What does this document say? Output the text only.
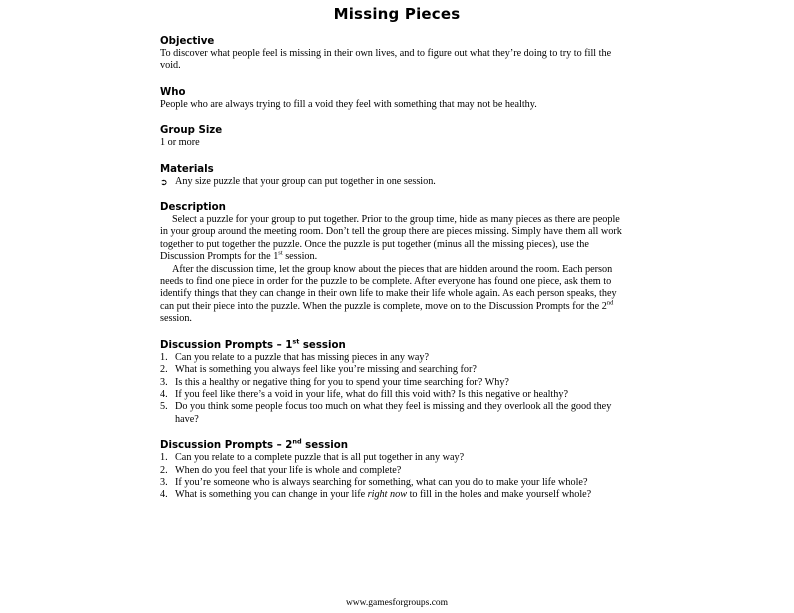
Missing Pieces
Objective

To discover what people feel is missing in their own lives, and to figure out what they’re doing to try to fill the void.

Who

People who are always trying to fill a void they feel with something that may not be healthy.

Group Size

1 or more

Materials
➲ Any size puzzle that your group can put together in one session.
Description

Select a puzzle for your group to put together. Prior to the group time, hide as many pieces as there are people in your group around the meeting room. Don’t tell the group there are pieces missing. Simply have them all work together to put together the puzzle. Once the puzzle is put together (minus all the missing pieces), use the Discussion Prompts for the 1st session.

After the discussion time, let the group know about the pieces that are hidden around the room. Each person needs to find one piece in order for the puzzle to be complete. After everyone has found one piece, ask them to identify things that they can change in their own life to make their life whole again. As each person speaks, they can put their piece into the puzzle. When the puzzle is complete, move on to the Discussion Prompts for the 2nd session.

Discussion Prompts – 1st session
1. Can you relate to a puzzle that has missing pieces in any way?
2. What is something you always feel like you’re missing and searching for?
3. Is this a healthy or negative thing for you to spend your time searching for? Why?
4. If you feel like there’s a void in your life, what do fill this void with? Is this negative or healthy?
5. Do you think some people focus too much on what they feel is missing and they overlook all the good they have?
Discussion Prompts – 2nd session
1. Can you relate to a complete puzzle that is all put together in any way?
2. When do you feel that your life is whole and complete?
3. If you’re someone who is always searching for something, what can you do to make your life whole?
4. What is something you can change in your life right now to fill in the holes and make yourself whole?
www.gamesforgroups.com
